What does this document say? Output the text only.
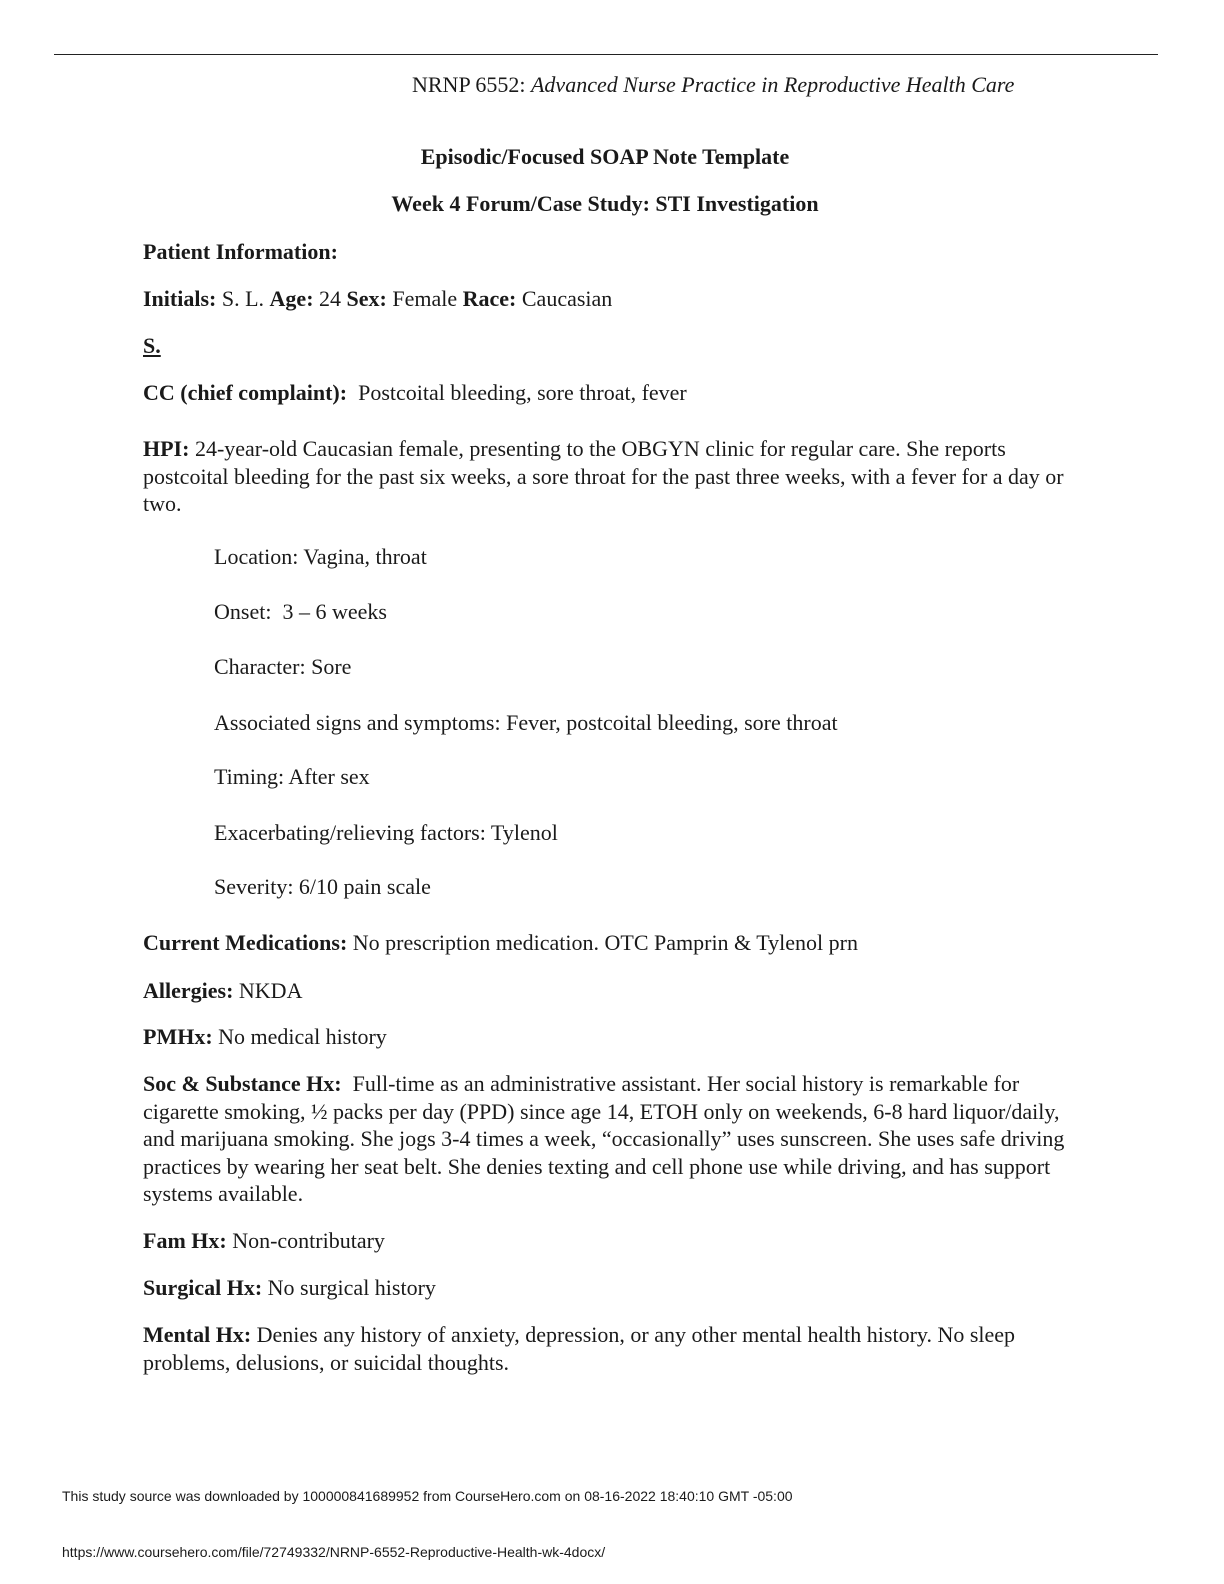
NRNP 6552: Advanced Nurse Practice in Reproductive Health Care
Episodic/Focused SOAP Note Template
Week 4 Forum/Case Study: STI Investigation
Patient Information:
Initials: S. L. Age: 24 Sex: Female Race: Caucasian
S.
CC (chief complaint): Postcoital bleeding, sore throat, fever
HPI: 24-year-old Caucasian female, presenting to the OBGYN clinic for regular care. She reports postcoital bleeding for the past six weeks, a sore throat for the past three weeks, with a fever for a day or two.
Location: Vagina, throat
Onset:  3 – 6 weeks
Character: Sore
Associated signs and symptoms: Fever, postcoital bleeding, sore throat
Timing: After sex
Exacerbating/relieving factors: Tylenol
Severity: 6/10 pain scale
Current Medications: No prescription medication. OTC Pamprin & Tylenol prn
Allergies: NKDA
PMHx: No medical history
Soc & Substance Hx: Full-time as an administrative assistant. Her social history is remarkable for cigarette smoking, ½ packs per day (PPD) since age 14, ETOH only on weekends, 6-8 hard liquor/daily, and marijuana smoking. She jogs 3-4 times a week, “occasionally” uses sunscreen. She uses safe driving practices by wearing her seat belt. She denies texting and cell phone use while driving, and has support systems available.
Fam Hx: Non-contributary
Surgical Hx: No surgical history
Mental Hx: Denies any history of anxiety, depression, or any other mental health history. No sleep problems, delusions, or suicidal thoughts.
This study source was downloaded by 100000841689952 from CourseHero.com on 08-16-2022 18:40:10 GMT -05:00
https://www.coursehero.com/file/72749332/NRNP-6552-Reproductive-Health-wk-4docx/
